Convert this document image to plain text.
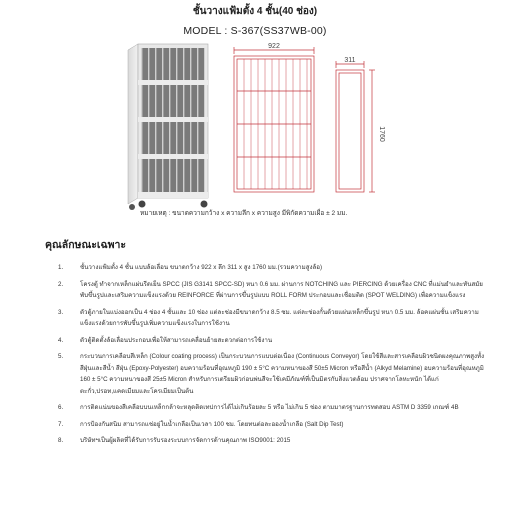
ชั้นวางแฟ้มตั้ง 4 ชั้น(40 ช่อง)
MODEL : S-367(SS37WB-00)
922
311
1760
หมายเหตุ : ขนาดความกว้าง x ความลึก x ความสูง มีพิกัดความเผื่อ ± 2 มม.
คุณลักษณะเฉพาะ
1.	ชั้นวางแฟ้มตั้ง 4 ชั้น แบบล้อเลื่อน ขนาดกว้าง 922 x ลึก 311 x สูง 1760 มม.(รวมความสูงล้อ)
2.	โครงตู้ ทำจากเหล็กแผ่นรีดเย็น SPCC (JIS G3141 SPCC-SD) หนา 0.6 มม. ผ่านการ NOTCHING และ PIERCING ด้วยเครื่อง CNC ที่แม่นยำและทันสมัย พับขึ้นรูปและเสริมความแข็งแรงด้วย REINFORCE ที่ผ่านการขึ้นรูปแบบ ROLL FORM ประกอบและเชื่อมติด (SPOT WELDING) เพื่อความแข็งแรง
3.	ตัวตู้ภายในแบ่งออกเป็น 4 ช่อง 4 ชั้นและ 10 ช่อง แต่ละช่องมีขนาดกว้าง 8.5 ซม. แต่ละช่องกั้นด้วยแผ่นเหล็กขึ้นรูป หนา 0.5 มม. ล้อคแผ่นชั้น เสริมความแข็งแรงด้วยการพับขึ้นรูปเพิ่มความแข็งแรงในการใช้งาน
4.	ตัวตู้ติดตั้งล้อเลื่อนประกอบเพื่อให้สามารถเคลื่อนย้ายสะดวกต่อการใช้งาน
5.	กระบวนการเคลือบสีเหล็ก (Colour coating process) เป็นกระบวนการแบบต่อเนื่อง (Continuous Conveyor) โดยใช้สีและสารเคลือบผิวชนิดผงคุณภาพสูงทั้งสีฝุ่นและสีน้ำ สีฝุ่น (Epoxy-Polyester) อบความร้อนที่อุณหภูมิ 190 ± 5°C ความหนาของสี 50±5 Micron หรือสีน้ำ (Alkyd Melamine) อบความร้อนที่อุณหภูมิ 160 ± 5°C ความหนาของสี 25±5 Micron สำหรับการเตรียมผิวก่อนพ่นสีจะใช้เคมีภัณฑ์ที่เป็นมิตรกับสิ่งแวดล้อม ปราศจากโลหะหนัก ได้แก่ ตะกั่ว,ปรอท,แคดเมียมและโครเมียมเป็นต้น
6.	การติดแน่นของสีเคลือบบนเหล็กกล้าจะหลุดติดเทปการได้ไม่เกินร้อยละ 5 หรือ ไม่เกิน 5 ช่อง ตามมาตรฐานการทดสอบ ASTM D 3359 เกณฑ์ 4B
7.	การป้องกันสนิม สามารถแช่อยู่ในน้ำเกลือเป็นเวลา 100 ชม. โดยทนต่อละอองน้ำเกลือ (Salt Dip Test)
8.	บริษัทฯเป็นผู้ผลิตที่ได้รับการรับรองระบบการจัดการด้านคุณภาพ ISO9001: 2015
